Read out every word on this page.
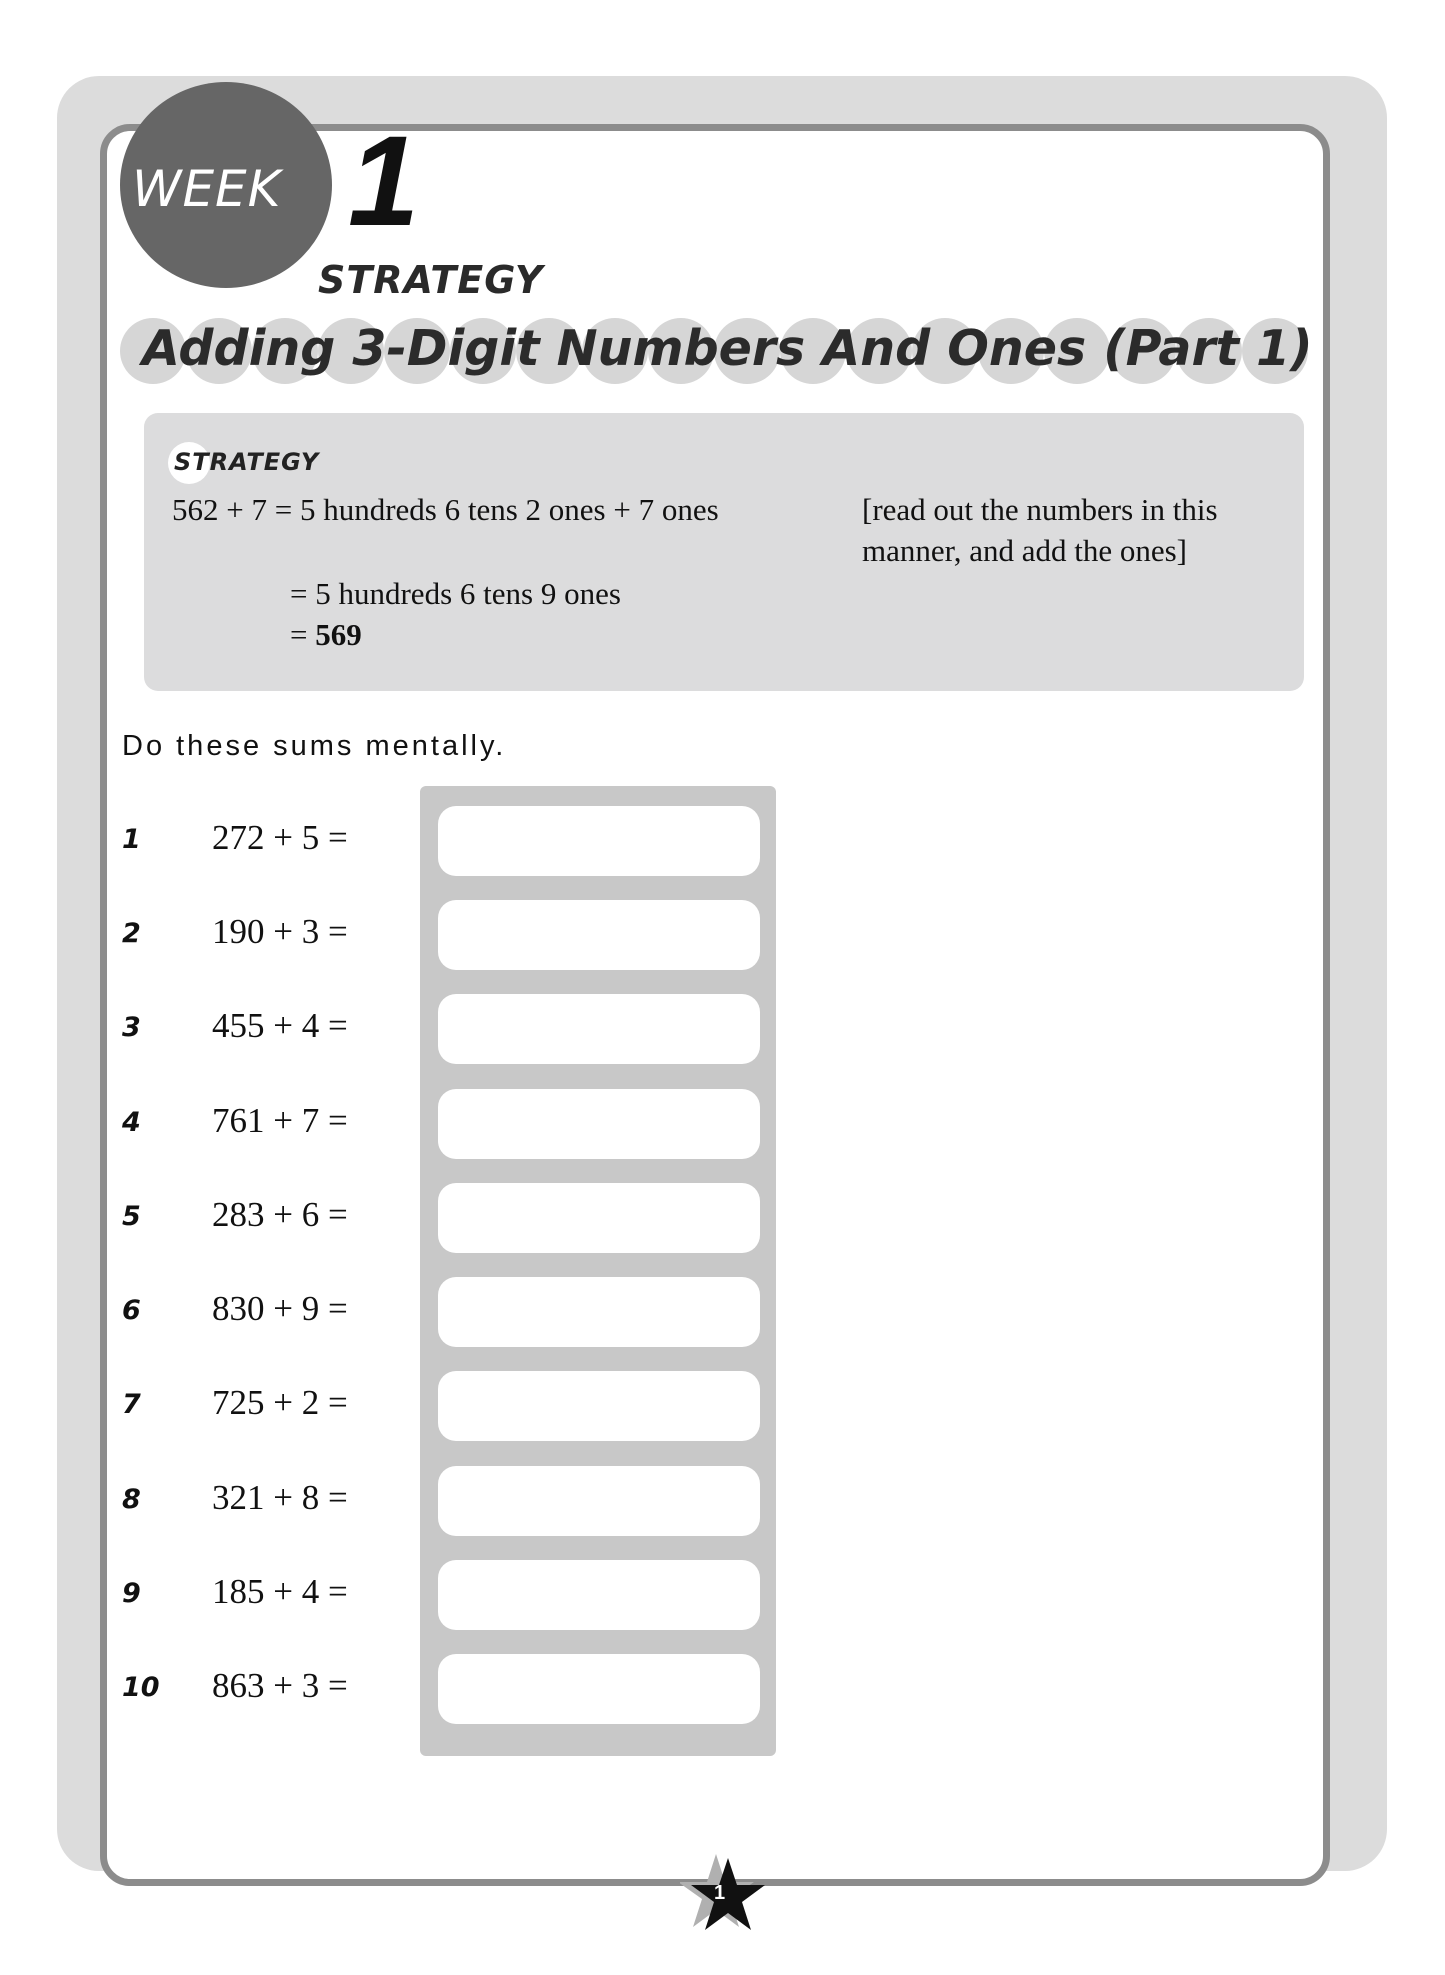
WEEK 1
STRATEGY
Adding 3-Digit Numbers And Ones (Part 1)
STRATEGY
562 + 7 = 5 hundreds 6 tens 2 ones + 7 ones	[read out the numbers in this
manner, and add the ones]
= 5 hundreds 6 tens 9 ones
= 569
Do these sums mentally.
1 272 + 5 =
2 190 + 3 =
3 455 + 4 =
4 761 + 7 =
5 283 + 6 =
6 830 + 9 =
7 725 + 2 =
8 321 + 8 =
9 185 + 4 =
10 863 + 3 =
1
